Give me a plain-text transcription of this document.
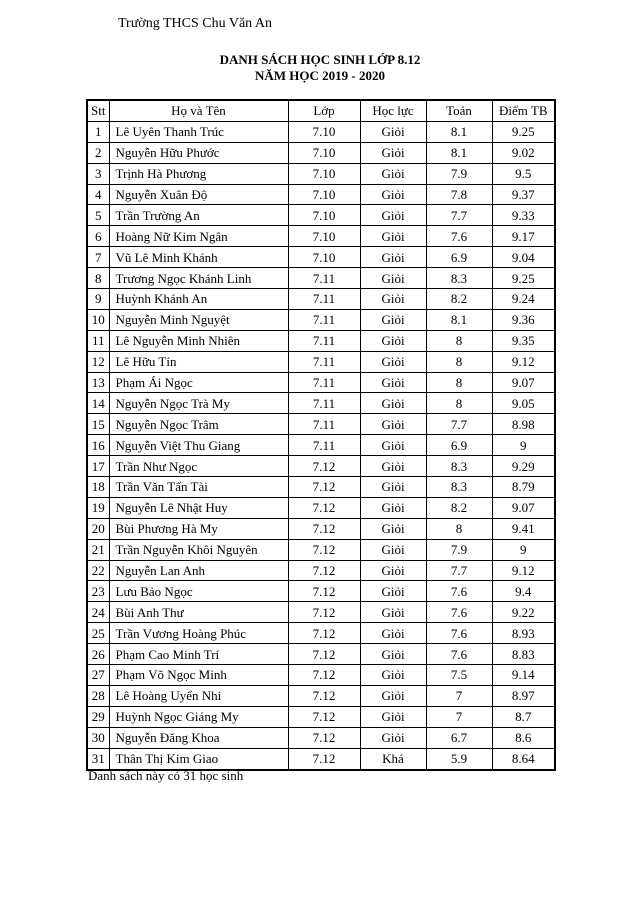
Trường THCS Chu Văn An
DANH SÁCH HỌC SINH LỚP 8.12
NĂM HỌC 2019 - 2020
Stt	Họ và Tên	Lớp	Học lực	Toán	Điểm TB
1	Lê Uyên Thanh Trúc	7.10	Giỏi	8.1	9.25
2	Nguyễn Hữu Phước	7.10	Giỏi	8.1	9.02
3	Trịnh Hà Phương	7.10	Giỏi	7.9	9.5
4	Nguyễn Xuân Độ	7.10	Giỏi	7.8	9.37
5	Trần Trường An	7.10	Giỏi	7.7	9.33
6	Hoàng Nữ Kim Ngân	7.10	Giỏi	7.6	9.17
7	Vũ Lê Minh Khánh	7.10	Giỏi	6.9	9.04
8	Trương Ngọc Khánh Linh	7.11	Giỏi	8.3	9.25
9	Huỳnh Khánh An	7.11	Giỏi	8.2	9.24
10	Nguyễn Minh Nguyệt	7.11	Giỏi	8.1	9.36
11	Lê Nguyễn Minh Nhiên	7.11	Giỏi	8	9.35
12	Lê Hữu Tín	7.11	Giỏi	8	9.12
13	Phạm Ái Ngọc	7.11	Giỏi	8	9.07
14	Nguyễn Ngọc Trà My	7.11	Giỏi	8	9.05
15	Nguyễn Ngọc Trâm	7.11	Giỏi	7.7	8.98
16	Nguyễn Việt Thu Giang	7.11	Giỏi	6.9	9
17	Trần Như Ngọc	7.12	Giỏi	8.3	9.29
18	Trần Văn Tấn Tài	7.12	Giỏi	8.3	8.79
19	Nguyễn Lê Nhật Huy	7.12	Giỏi	8.2	9.07
20	Bùi Phương Hà My	7.12	Giỏi	8	9.41
21	Trần Nguyễn Khôi Nguyên	7.12	Giỏi	7.9	9
22	Nguyễn Lan Anh	7.12	Giỏi	7.7	9.12
23	Lưu Bảo Ngọc	7.12	Giỏi	7.6	9.4
24	Bùi Anh Thư	7.12	Giỏi	7.6	9.22
25	Trần Vương Hoàng Phúc	7.12	Giỏi	7.6	8.93
26	Phạm Cao Minh Trí	7.12	Giỏi	7.6	8.83
27	Phạm Võ Ngọc Minh	7.12	Giỏi	7.5	9.14
28	Lê Hoàng Uyển Nhi	7.12	Giỏi	7	8.97
29	Huỳnh Ngọc Giáng My	7.12	Giỏi	7	8.7
30	Nguyễn Đăng Khoa	7.12	Giỏi	6.7	8.6
31	Thân Thị Kim Giao	7.12	Khá	5.9	8.64
Danh sách này có 31 học sinh
